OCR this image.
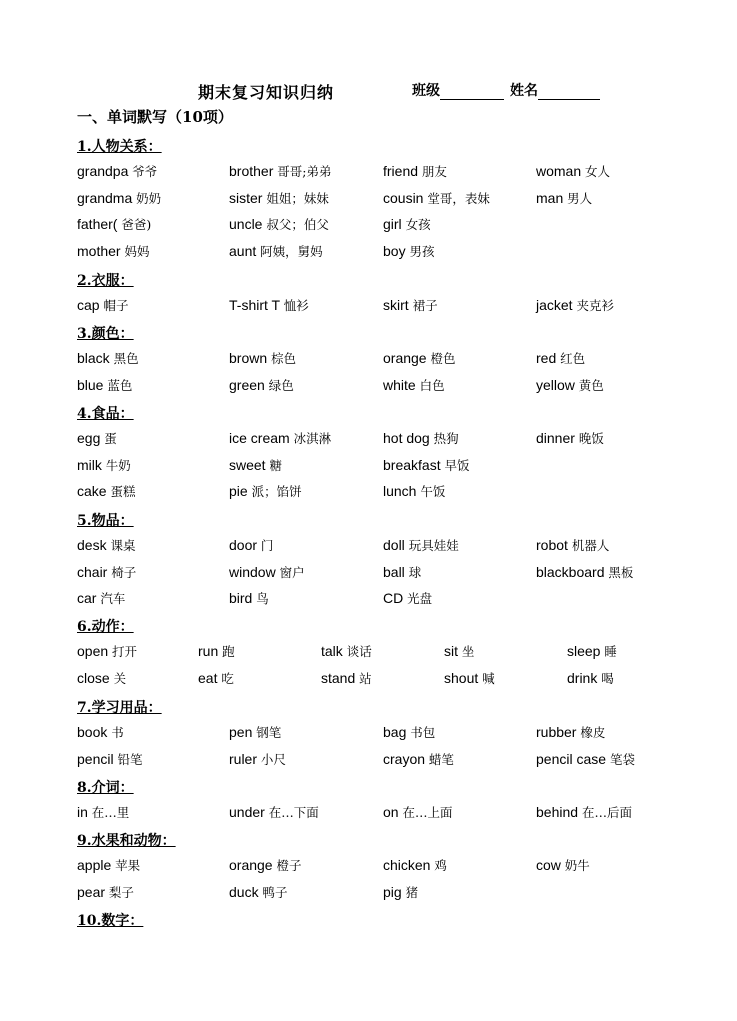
期末复习知识归纳	班级	姓名
一、单词默写（10项）
1.人物关系：
grandpa 爷爷	brother 哥哥;弟弟	friend 朋友	woman 女人
grandma 奶奶	sister 姐姐；妹妹	cousin 堂哥，表妹	man 男人
father( 爸爸)	uncle 叔父；伯父	girl 女孩
mother 妈妈	aunt 阿姨，舅妈	boy 男孩
2.衣服：
cap 帽子	T-shirt T 恤衫	skirt 裙子	jacket 夹克衫
3.颜色：
black 黑色	brown 棕色	orange 橙色	red 红色
blue 蓝色	green 绿色	white 白色	yellow 黄色
4.食品：
egg 蛋	ice cream 冰淇淋	hot dog 热狗	dinner 晚饭
milk 牛奶	sweet 糖	breakfast 早饭
cake 蛋糕	pie 派；馅饼	lunch 午饭
5.物品：
desk 课桌	door 门	doll 玩具娃娃	robot 机器人
chair 椅子	window 窗户	ball 球	blackboard 黑板
car 汽车	bird 鸟	CD 光盘
6.动作：
open 打开	run 跑	talk 谈话	sit 坐	sleep 睡
close 关	eat 吃	stand 站	shout 喊	drink 喝
7.学习用品：
book 书	pen 钢笔	bag 书包	rubber 橡皮
pencil 铅笔	ruler 小尺	crayon 蜡笔	pencil case 笔袋
8.介词：
in 在…里	under 在…下面	on 在…上面	behind 在…后面
9.水果和动物：
apple 苹果	orange 橙子	chicken 鸡	cow 奶牛
pear 梨子	duck 鸭子	pig 猪
10.数字：
